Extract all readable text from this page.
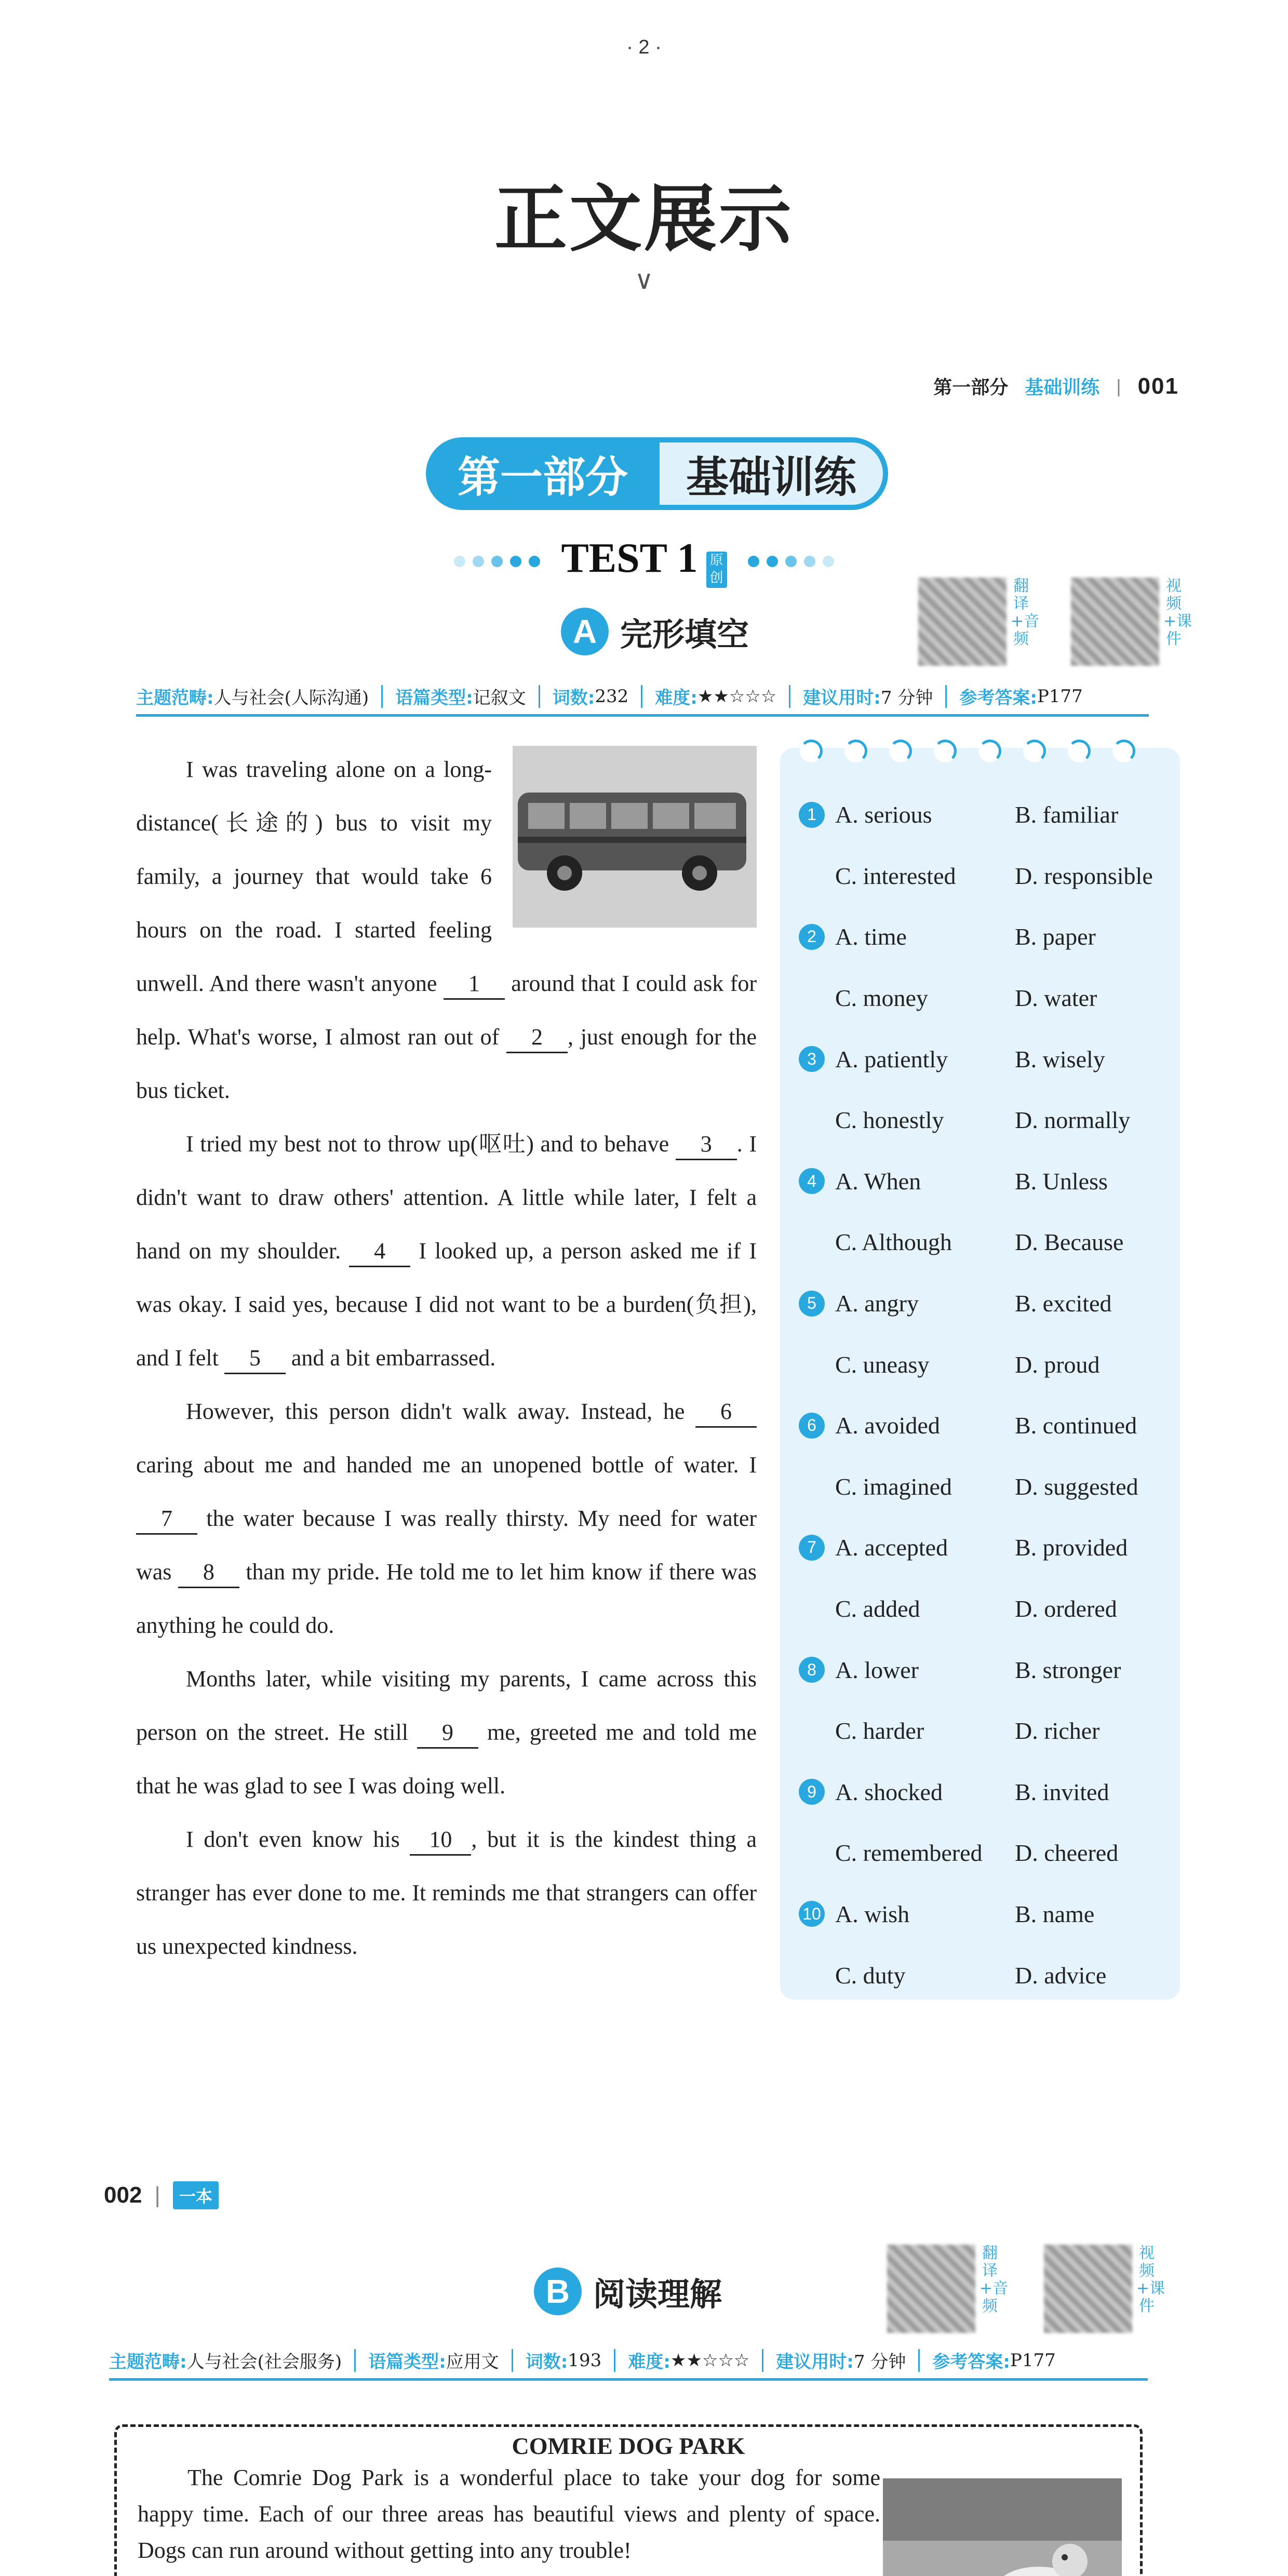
· 2 ·
正文展示
∨
第一部分 基础训练 | 001
第一部分	基础训练
TEST 1 原创
A 完形填空
翻译+音频
视频+课件
主题范畴: 人与社会(人际沟通) 语篇类型: 记叙文 词数: 232 难度: ★★☆☆☆ 建议用时: 7 分钟 参考答案: P177

I was traveling alone on a long-distance(长途的) bus to visit my family, a journey that would take 6 hours on the road. I started feeling unwell. And there wasn't anyone 1 around that I could ask for help. What's worse, I almost ran out of 2 , just enough for the bus ticket.

I tried my best not to throw up(呕吐) and to behave 3 . I didn't want to draw others' attention. A little while later, I felt a hand on my shoulder. 4 I looked up, a person asked me if I was okay. I said yes, because I did not want to be a burden(负担), and I felt 5 and a bit embarrassed.

However, this person didn't walk away. Instead, he 6 caring about me and handed me an unopened bottle of water. I 7 the water because I was really thirsty. My need for water was 8 than my pride. He told me to let him know if there was anything he could do.

Months later, while visiting my parents, I came across this person on the street. He still 9 me, greeted me and told me that he was glad to see I was doing well.

I don't even know his 10 , but it is the kindest thing a stranger has ever done to me. It reminds me that strangers can offer us unexpected kindness.

1 A. serious	B. familiar
C. interested	D. responsible
2 A. time	B. paper
C. money	D. water
3 A. patiently	B. wisely
C. honestly	D. normally
4 A. When	B. Unless
C. Although	D. Because
5 A. angry	B. excited
C. uneasy	D. proud
6 A. avoided	B. continued
C. imagined	D. suggested
7 A. accepted	B. provided
C. added	D. ordered
8 A. lower	B. stronger
C. harder	D. richer
9 A. shocked	B. invited
C. remembered	D. cheered
10 A. wish	B. name
C. duty	D. advice
002 |	一本
B 阅读理解
翻译+音频
视频+课件
主题范畴: 人与社会(社会服务) 语篇类型: 应用文 词数: 193 难度: ★★☆☆☆ 建议用时: 7 分钟 参考答案: P177
COMRIE DOG PARK
The Comrie Dog Park is a wonderful place to take your dog for some happy time. Each of our three areas has beautiful views and plenty of space. Dogs can run around without getting into any trouble!
